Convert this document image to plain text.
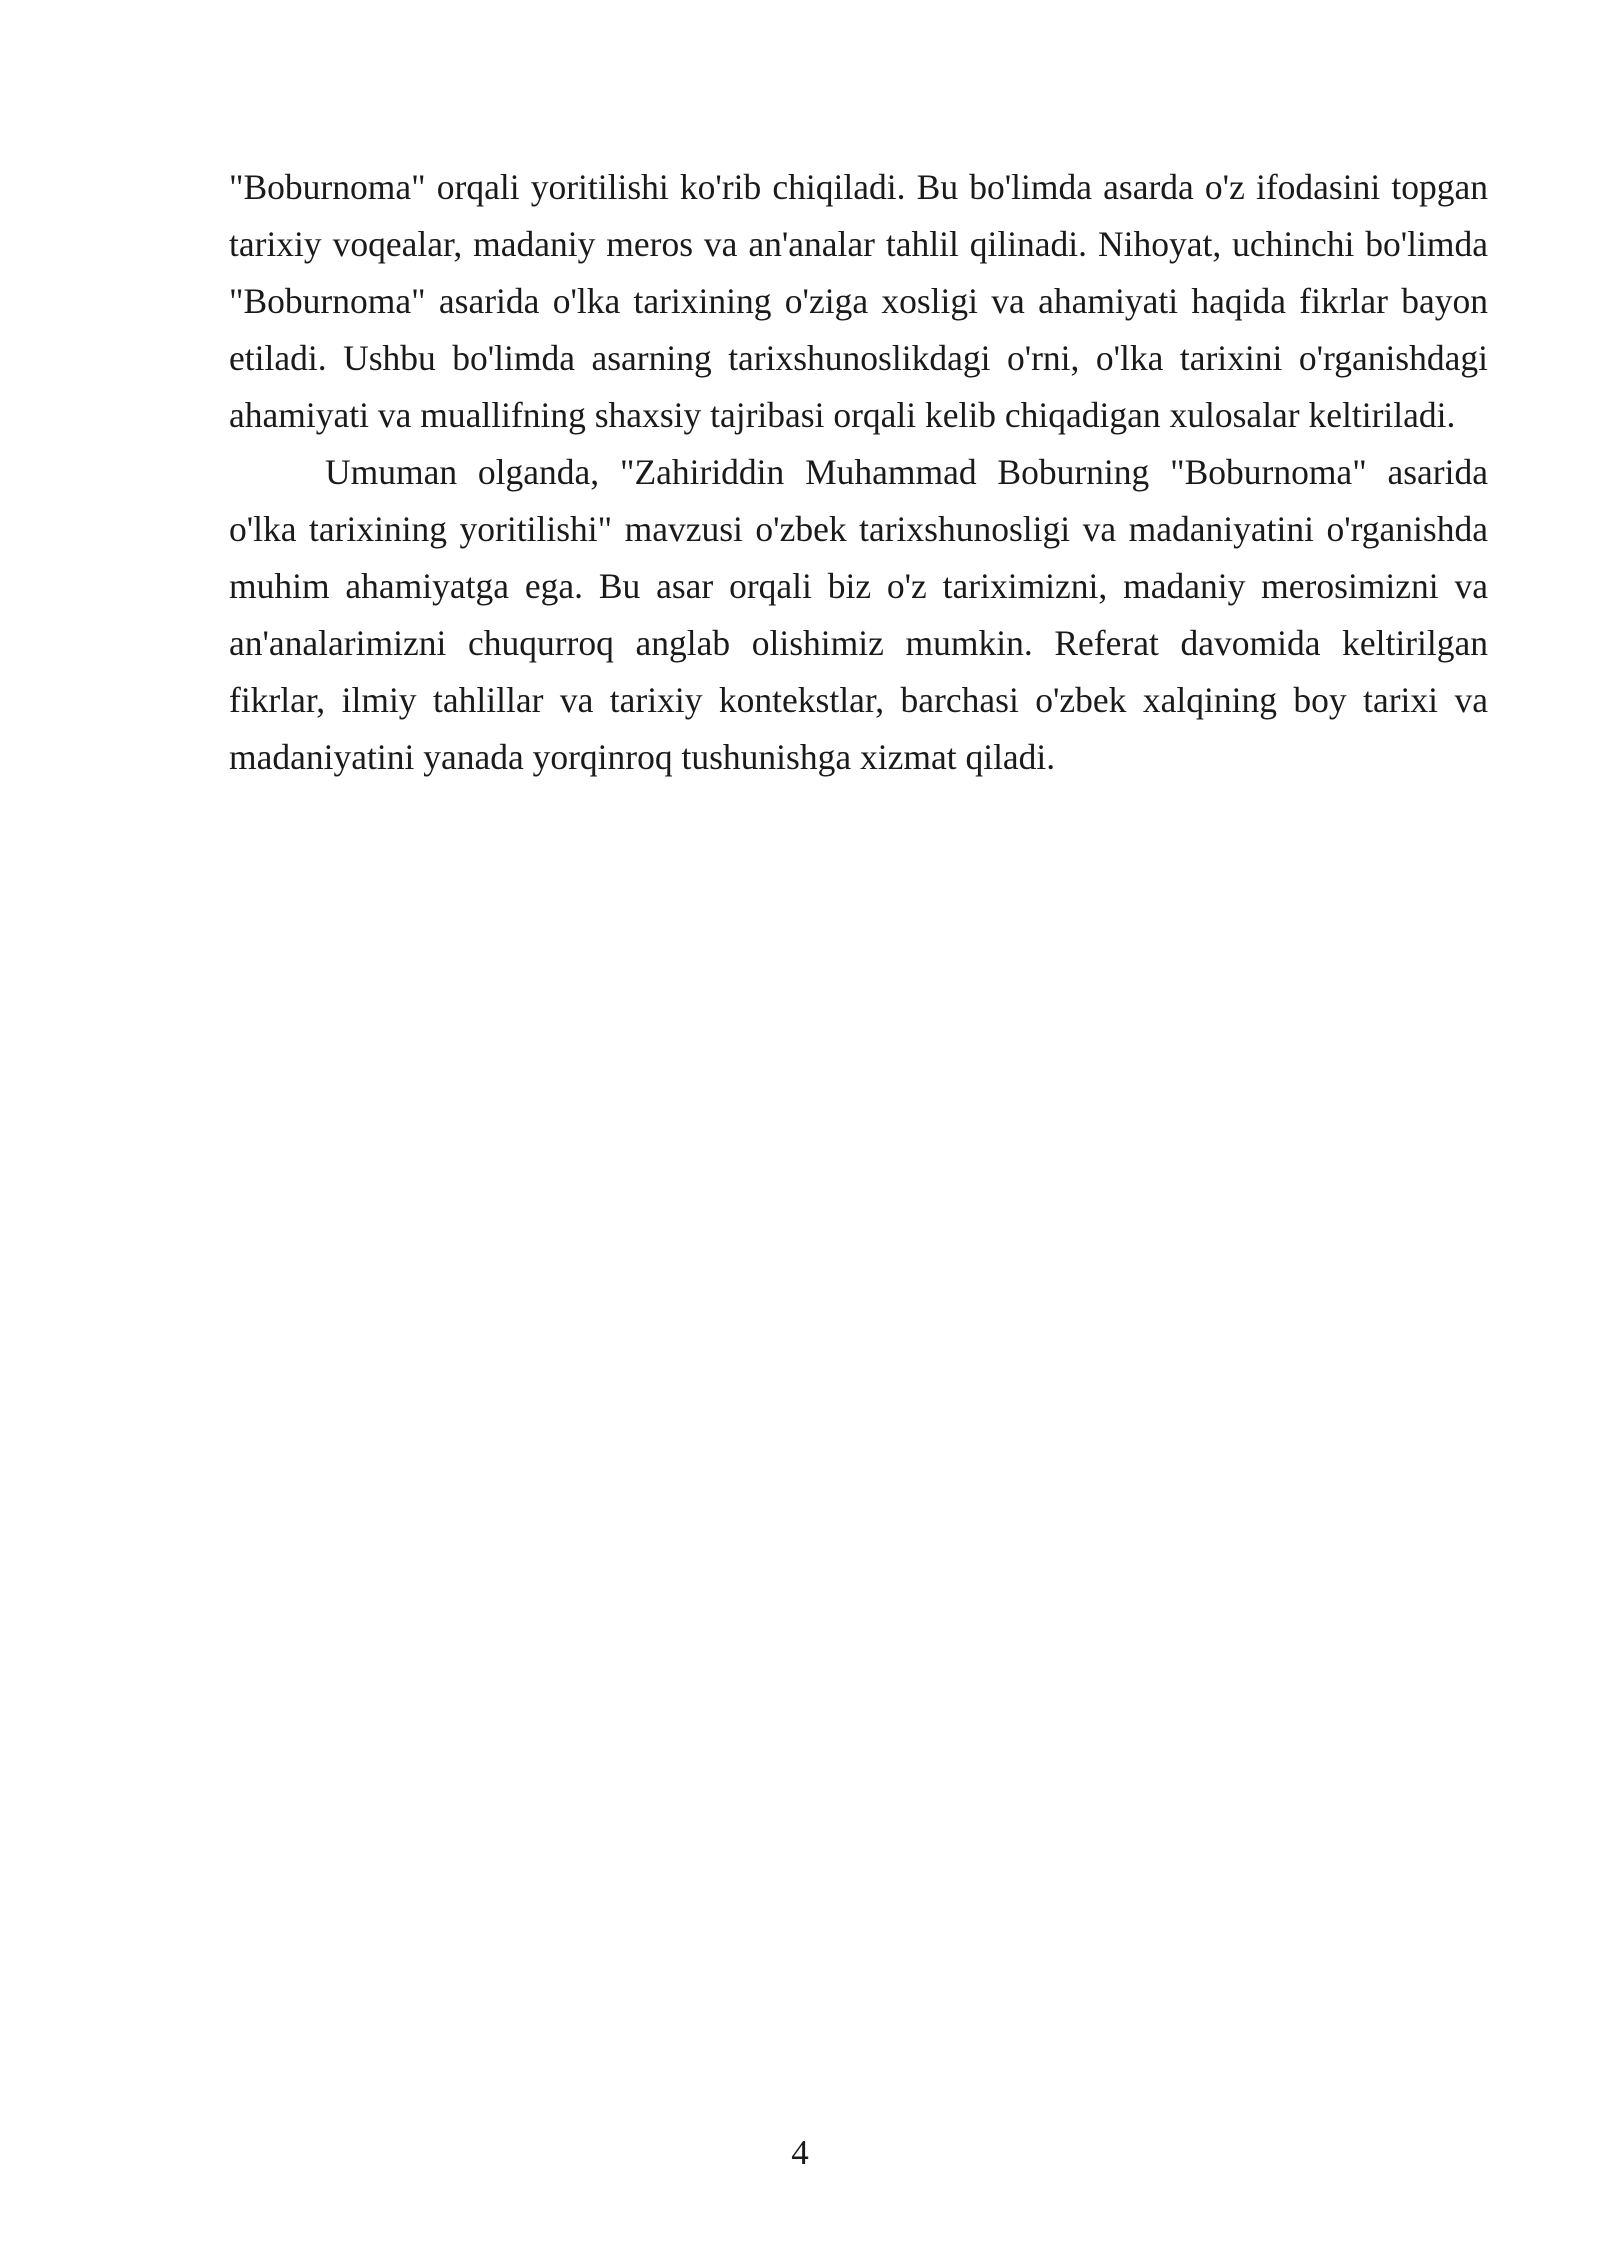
"Boburnoma" orqali yoritilishi ko'rib chiqiladi. Bu bo'limda asarda o'z ifodasini topgan tarixiy voqealar, madaniy meros va an'analar tahlil qilinadi. Nihoyat, uchinchi bo'limda "Boburnoma" asarida o'lka tarixining o'ziga xosligi va ahamiyati haqida fikrlar bayon etiladi. Ushbu bo'limda asarning tarixshunoslikdagi o'rni, o'lka tarixini o'rganishdagi ahamiyati va muallifning shaxsiy tajribasi orqali kelib chiqadigan xulosalar keltiriladi.

Umuman olganda, "Zahiriddin Muhammad Boburning "Boburnoma" asarida o'lka tarixining yoritilishi" mavzusi o'zbek tarixshunosligi va madaniyatini o'rganishda muhim ahamiyatga ega. Bu asar orqali biz o'z tariximizni, madaniy merosimizni va an'analarimizni chuqurroq anglab olishimiz mumkin. Referat davomida keltirilgan fikrlar, ilmiy tahlillar va tarixiy kontekstlar, barchasi o'zbek xalqining boy tarixi va madaniyatini yanada yorqinroq tushunishga xizmat qiladi.

4
